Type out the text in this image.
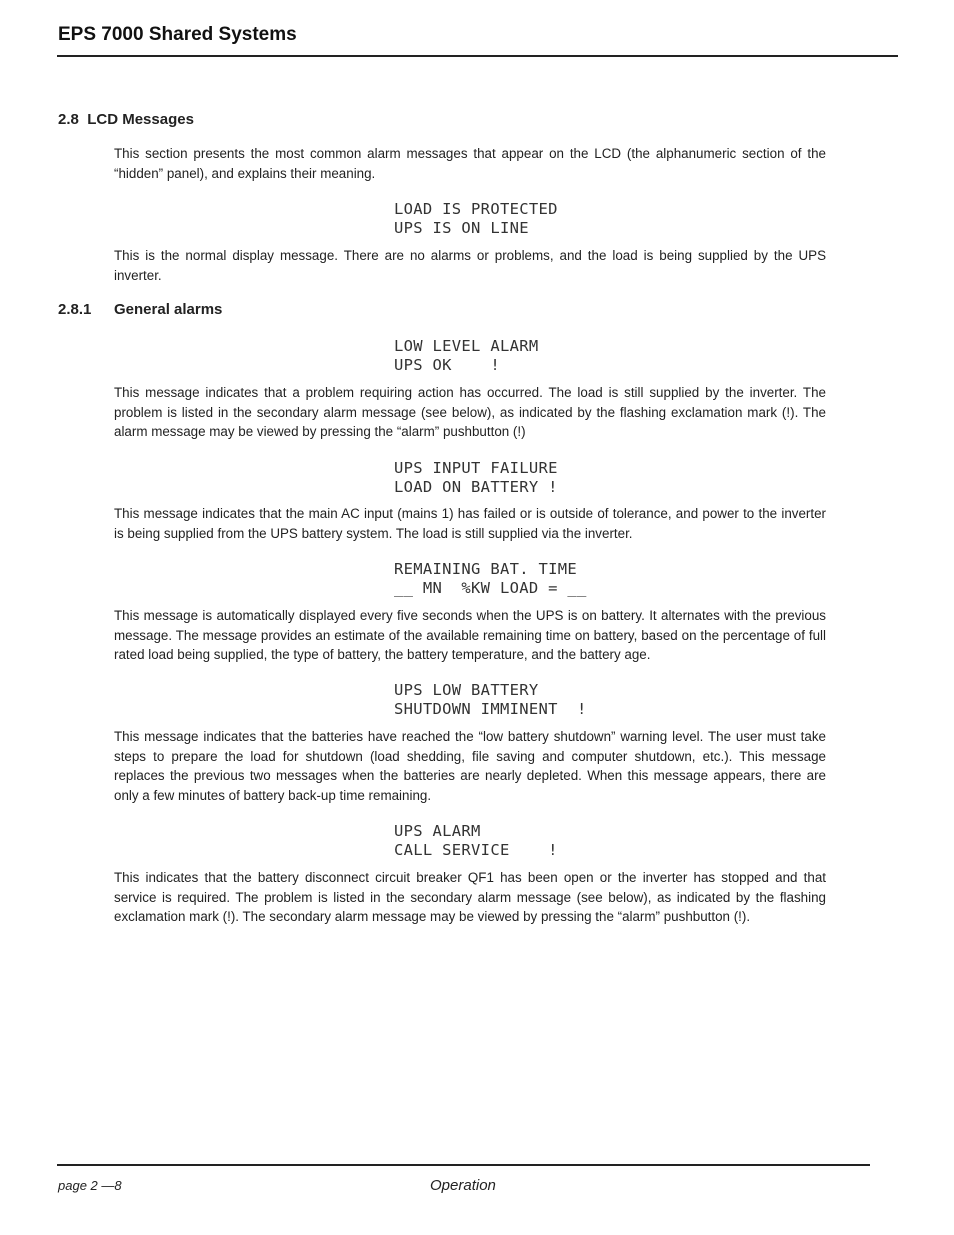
EPS 7000 Shared Systems
2.8 LCD Messages
This section presents the most common alarm messages that appear on the LCD (the alphanumeric section of the “hidden” panel), and explains their meaning.
LOAD IS PROTECTED
UPS IS ON LINE
This is the normal display message. There are no alarms or problems, and the load is being supplied by the UPS inverter.
2.8.1 General alarms
LOW LEVEL ALARM
UPS OK    !
This message indicates that a problem requiring action has occurred. The load is still supplied by the inverter. The problem is listed in the secondary alarm message (see below), as indicated by the flashing exclamation mark (!). The alarm message may be viewed by pressing the “alarm” pushbutton (!)
UPS INPUT FAILURE
LOAD ON BATTERY !
This message indicates that the main AC input (mains 1) has failed or is outside of tolerance, and power to the inverter is being supplied from the UPS battery system. The load is still supplied via the inverter.
REMAINING BAT. TIME
__ MN  %KW LOAD = __
This message is automatically displayed every five seconds when the UPS is on battery. It alternates with the previous message. The message provides an estimate of the available remaining time on battery, based on the percentage of full rated load being supplied, the type of battery, the battery temperature, and the battery age.
UPS LOW BATTERY
SHUTDOWN IMMINENT  !
This message indicates that the batteries have reached the “low battery shutdown” warning level. The user must take steps to prepare the load for shutdown (load shedding, file saving and computer shutdown, etc.). This message replaces the previous two messages when the batteries are nearly depleted. When this message appears, there are only a few minutes of battery back-up time remaining.
UPS ALARM
CALL SERVICE    !
This indicates that the battery disconnect circuit breaker QF1 has been open or the inverter has stopped and that service is required. The problem is listed in the secondary alarm message (see below), as indicated by the flashing exclamation mark (!). The secondary alarm message may be viewed by pressing the “alarm” pushbutton (!).
page 2 —8	Operation
